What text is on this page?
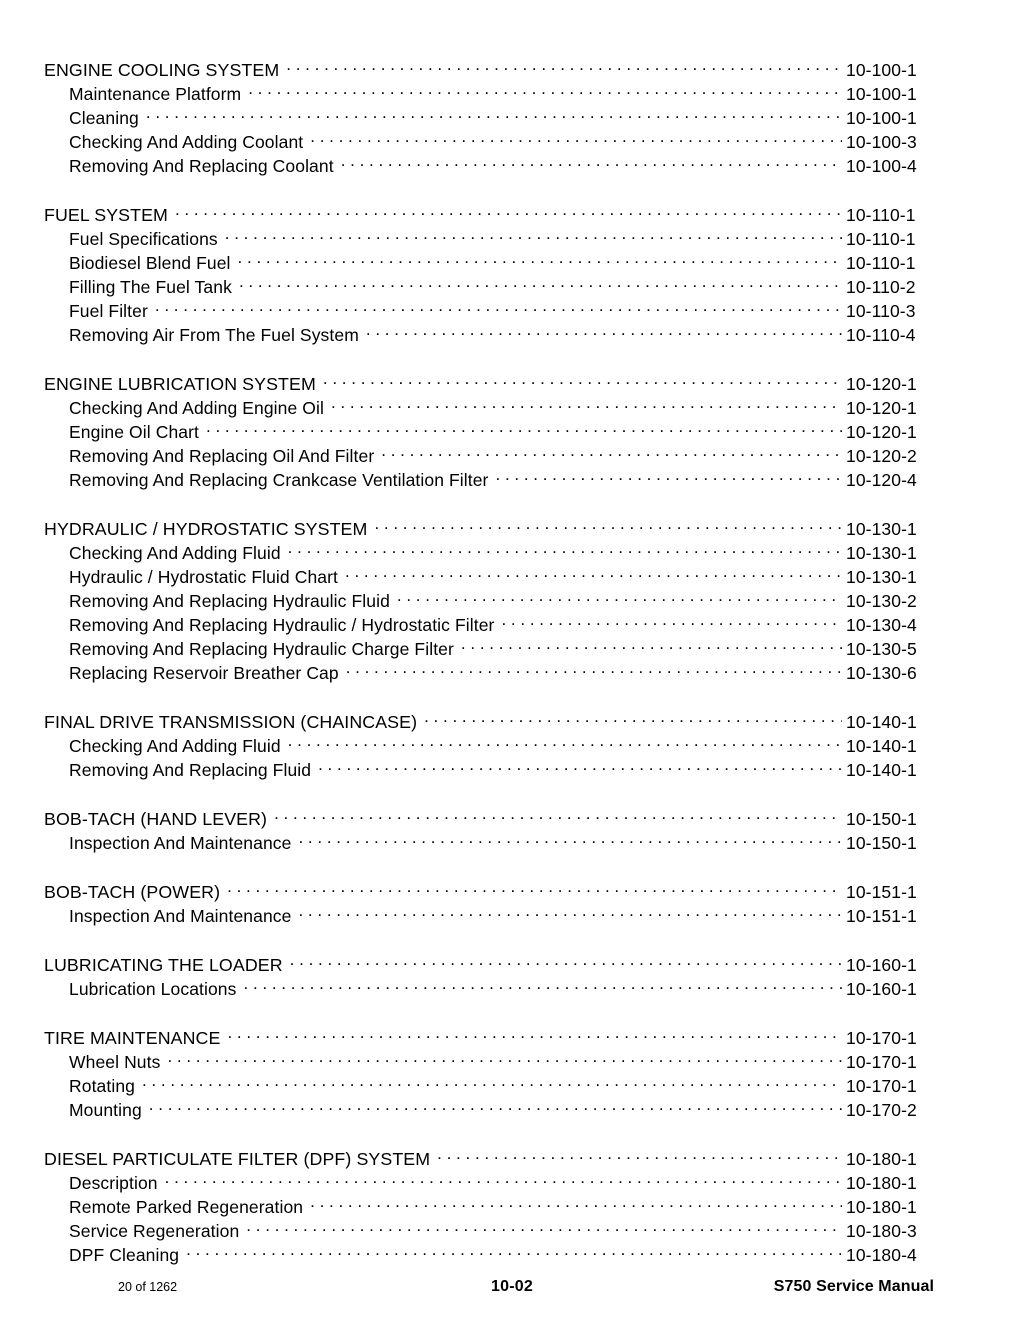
ENGINE COOLING SYSTEM . . .	10-100-1
Maintenance Platform . . .	10-100-1
Cleaning . . .	10-100-1
Checking And Adding Coolant . . .	10-100-3
Removing And Replacing Coolant . . .	10-100-4
FUEL SYSTEM . . .	10-110-1
Fuel Specifications . . .	10-110-1
Biodiesel Blend Fuel . . .	10-110-1
Filling The Fuel Tank . . .	10-110-2
Fuel Filter . . .	10-110-3
Removing Air From The Fuel System . . .	10-110-4
ENGINE LUBRICATION SYSTEM . . .	10-120-1
Checking And Adding Engine Oil . . .	10-120-1
Engine Oil Chart . . .	10-120-1
Removing And Replacing Oil And Filter . . .	10-120-2
Removing And Replacing Crankcase Ventilation Filter . . .	10-120-4
HYDRAULIC / HYDROSTATIC SYSTEM . . .	10-130-1
Checking And Adding Fluid . . .	10-130-1
Hydraulic / Hydrostatic Fluid Chart . . .	10-130-1
Removing And Replacing Hydraulic Fluid . . .	10-130-2
Removing And Replacing Hydraulic / Hydrostatic Filter . . .	10-130-4
Removing And Replacing Hydraulic Charge Filter . . .	10-130-5
Replacing Reservoir Breather Cap . . .	10-130-6
FINAL DRIVE TRANSMISSION (CHAINCASE) . . .	10-140-1
Checking And Adding Fluid . . .	10-140-1
Removing And Replacing Fluid . . .	10-140-1
BOB-TACH (HAND LEVER) . . .	10-150-1
Inspection And Maintenance . . .	10-150-1
BOB-TACH (POWER) . . .	10-151-1
Inspection And Maintenance . . .	10-151-1
LUBRICATING THE LOADER . . .	10-160-1
Lubrication Locations . . .	10-160-1
TIRE MAINTENANCE . . .	10-170-1
Wheel Nuts . . .	10-170-1
Rotating . . .	10-170-1
Mounting . . .	10-170-2
DIESEL PARTICULATE FILTER (DPF) SYSTEM . . .	10-180-1
Description . . .	10-180-1
Remote Parked Regeneration . . .	10-180-1
Service Regeneration . . .	10-180-3
DPF Cleaning . . .	10-180-4
20 of 1262	10-02	S750 Service Manual
